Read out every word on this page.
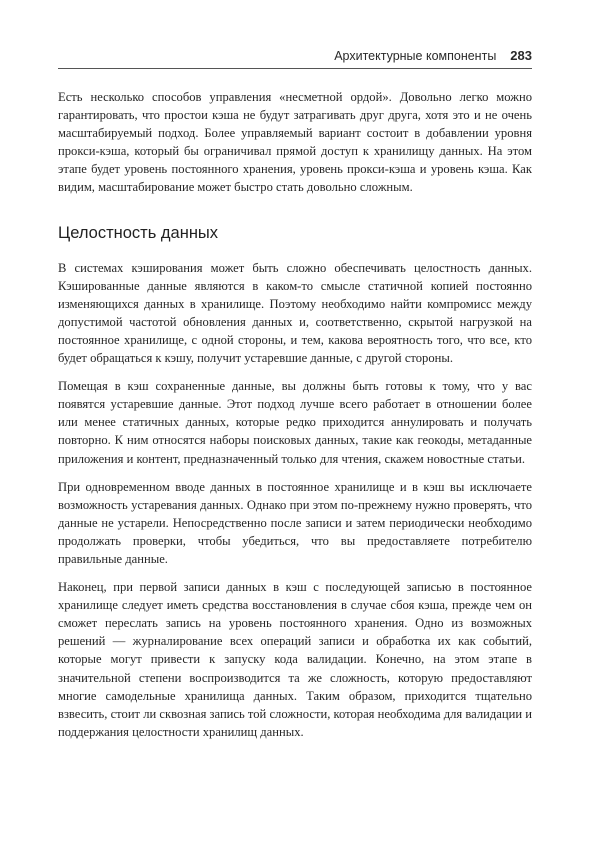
Архитектурные компоненты 283

Есть несколько способов управления «несметной ордой». Довольно легко можно гарантировать, что простои кэша не будут затрагивать друг друга, хотя это и не очень масштабируемый подход. Более управляемый вариант состоит в добавлении уровня прокси-кэша, который бы ограничивал прямой доступ к хранилищу данных. На этом этапе будет уровень постоянного хранения, уровень прокси-кэша и уровень кэша. Как видим, масштабирование может быстро стать довольно сложным.

Целостность данных

В системах кэширования может быть сложно обеспечивать целостность данных. Кэшированные данные являются в каком-то смысле статичной копией постоянно изменяющихся данных в хранилище. Поэтому необходимо найти компромисс между допустимой частотой обновления данных и, соответственно, скрытой нагрузкой на постоянное хранилище, с одной стороны, и тем, какова вероятность того, что все, кто будет обращаться к кэшу, получит устаревшие данные, с другой стороны.

Помещая в кэш сохраненные данные, вы должны быть готовы к тому, что у вас появятся устаревшие данные. Этот подход лучше всего работает в отношении более или менее статичных данных, которые редко приходится аннулировать и получать повторно. К ним относятся наборы поисковых данных, такие как геокоды, метаданные приложения и контент, предназначенный только для чтения, скажем новостные статьи.

При одновременном вводе данных в постоянное хранилище и в кэш вы исключаете возможность устаревания данных. Однако при этом по-прежнему нужно проверять, что данные не устарели. Непосредственно после записи и затем периодически необходимо продолжать проверки, чтобы убедиться, что вы предоставляете потребителю правильные данные.

Наконец, при первой записи данных в кэш с последующей записью в постоянное хранилище следует иметь средства восстановления в случае сбоя кэша, прежде чем он сможет переслать запись на уровень постоянного хранения. Одно из возможных решений — журналирование всех операций записи и обработка их как событий, которые могут привести к запуску кода валидации. Конечно, на этом этапе в значительной степени воспроизводится та же сложность, которую предоставляют многие самодельные хранилища данных. Таким образом, приходится тщательно взвесить, стоит ли сквозная запись той сложности, которая необходима для валидации и поддержания целостности хранилищ данных.
